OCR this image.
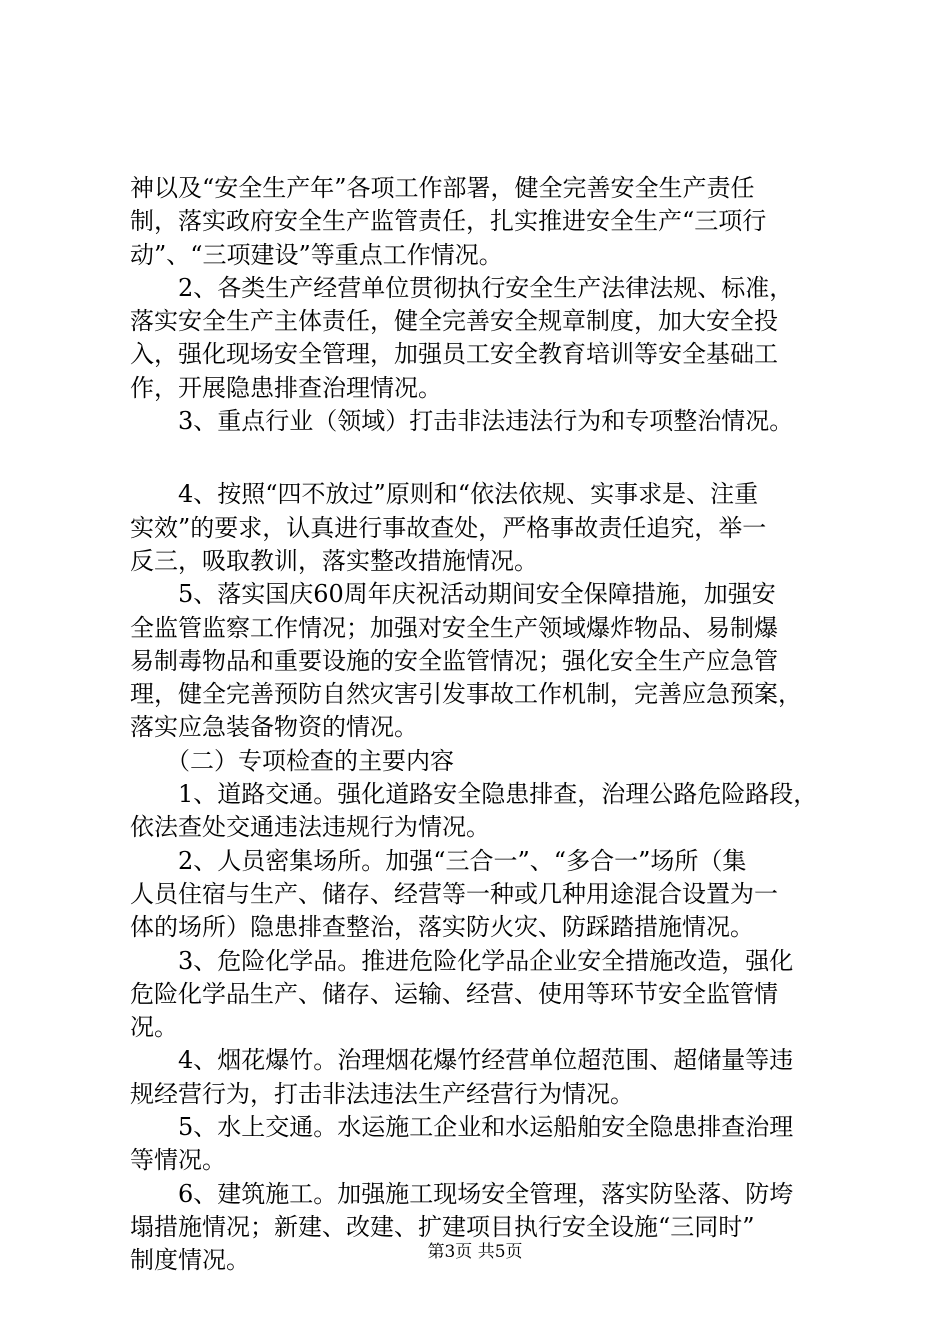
神以及“安全生产年”各项工作部署，健全完善安全生产责任
制，落实政府安全生产监管责任，扎实推进安全生产“三项行
动”、“三项建设”等重点工作情况。
　　2、各类生产经营单位贯彻执行安全生产法律法规、标准，
落实安全生产主体责任，健全完善安全规章制度，加大安全投
入，强化现场安全管理，加强员工安全教育培训等安全基础工
作，开展隐患排查治理情况。
　　3、重点行业（领域）打击非法违法行为和专项整治情况。
　　4、按照“四不放过”原则和“依法依规、实事求是、注重
实效”的要求，认真进行事故查处，严格事故责任追究，举一
反三，吸取教训，落实整改措施情况。
　　5、落实国庆60周年庆祝活动期间安全保障措施，加强安
全监管监察工作情况；加强对安全生产领域爆炸物品、易制爆
易制毒物品和重要设施的安全监管情况；强化安全生产应急管
理，健全完善预防自然灾害引发事故工作机制，完善应急预案，
落实应急装备物资的情况。
　　（二）专项检查的主要内容
　　1、道路交通。强化道路安全隐患排查，治理公路危险路段，
依法查处交通违法违规行为情况。
　　2、人员密集场所。加强“三合一”、“多合一”场所（集
人员住宿与生产、储存、经营等一种或几种用途混合设置为一
体的场所）隐患排查整治，落实防火灾、防踩踏措施情况。
　　3、危险化学品。推进危险化学品企业安全措施改造，强化
危险化学品生产、储存、运输、经营、使用等环节安全监管情
况。
　　4、烟花爆竹。治理烟花爆竹经营单位超范围、超储量等违
规经营行为，打击非法违法生产经营行为情况。
　　5、水上交通。水运施工企业和水运船舶安全隐患排查治理
等情况。
　　6、建筑施工。加强施工现场安全管理，落实防坠落、防垮
塌措施情况；新建、改建、扩建项目执行安全设施“三同时”
制度情况。	第3页 共5页
